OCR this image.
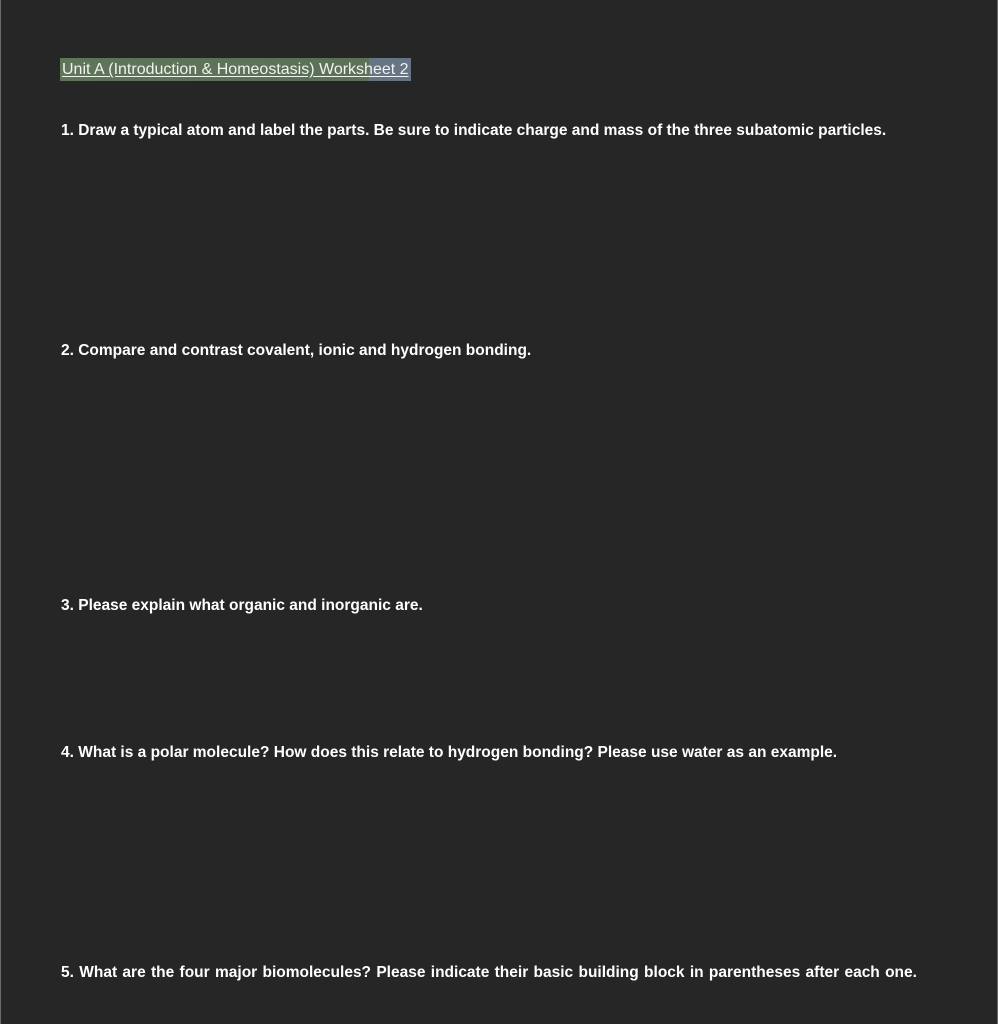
Unit A (Introduction & Homeostasis) Worksheet 2
1. Draw a typical atom and label the parts. Be sure to indicate charge and mass of the three subatomic particles.
2. Compare and contrast covalent, ionic and hydrogen bonding.
3. Please explain what organic and inorganic are.
4. What is a polar molecule? How does this relate to hydrogen bonding? Please use water as an example.
5. What are the four major biomolecules? Please indicate their basic building block in parentheses after each one.
